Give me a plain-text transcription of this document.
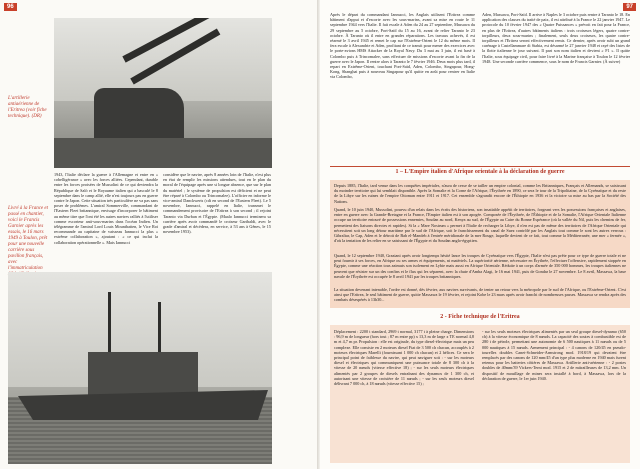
96
L'artillerie antiaérienne de l'Eritrea (voir fiche technique). (DR)
1943, l'Italie déclare la guerre à l'Allemagne et entre en « cobelligérance » avec les forces alliées. Cependant, durable entre les forces proisées de Mussolini de ce qui deviendra la République de Salò et le Royaume italien qui a basculé le 8 septembre dans le camp allié, elle n'est toujours pas en guerre contre le Japon. Cette situation très particulière ne va pas sans poser de problèmes. L'amiral Sommerville, commandant de l'Eastern Fleet britannique, envisage d'incorporer le bâtiment au même titre que l'ont été les autres navires ralliés à l'utiliser comme escorteur anti-sous-marins dans l'océan Indien. Un télégramme de l'amiral Lord Louis Mountbatten, le Vice Roi recommande au capitaine de vaisseau Iannucci la plus « extrême collaboration », ajoutant : « ce qui inclut la collaboration opérationnelle ». Mais Iannucci
considère que le navire, après 8 années loin de l'Italie, n'est plus en état de remplir les missions attendues, tout en le plan du moral de l'équipage après une si longue absence, que sur le plan du matériel ; le système de propulsion est déficient et ne peut être réparé à Colombo ou Trincomalee). L'officier en informe le vice-amiral Danckwerts (cdt en second de l'Eastern Fleet). Le 5 novembre, Iannucci, rappelé en Italie, transmet le commandement provisoire de l'Eritrea à son second ; il rejoint Taranto via Durban et l'Égypte. (Maalo Iannucci terminera sa carrière après avoir commandé le croiseur Garibaldi, avec le grade d'amiral et décèdera, en service, à 53 ans à Gênes, le 15 novembre 1953).
Livré à la France et passé en chantier, voici le Francis Garnier après les essais, le 16 mars 1949 à Toulon, prêt pour une nouvelle carrière sous pavillon français, avec l'immatriculation
97
Après le départ du commandant Iannucci, les Anglais utilisent l'Eritrea comme bâtiment d'appui et d'escorte avec les sous-marins, avant sa mise en route le 11 septembre 1944 vers l'Italie. Il fait escale à Aden du 24 au 27 septembre, Massawa du 29 septembre au 5 octobre, Port-Saïd du 15 au 16, avant de relier Taranto le 23 octobre. À Taranto où il entre en grandes réparations. Les travaux achevés, il est réarmé le 3 avril 1945 et remet le cap sur l'Extrême-Orient le 12 du même mois. Il fera escale à Alexandrie et Aden, profitant de ce transit pour mener des exercices avec le porte-avions HMS Attacker de la Royal Navy. Du 3 mai au 3 juin, il est basé à Colombo puis à Trincomalee, sans effectuer de missions d'escorte avant la fin de la guerre avec le Japon. Il rentre alors à Taranto le 7 février 1946. Deux mois plus tard, il repart en Extrême-Orient, touchant Port-Saïd, Aden, Colombo, Singapour, Hong-Kong, Shanghai puis à nouveau Singapour qu'il quitte en août pour rentrer en Italie via Colombo,
Aden, Massawa, Port-Saïd. Il arrive à Naples le 3 octobre puis rentre à Taranto le 18. En application des clauses du traité de paix, il est attribué à la France le 22 janvier 1947. Le protocole du 10 février 1947 des « Quatre Puissances » prévoit en fait pour la France, en plus de l'Eritrea, d'autres bâtiments italiens : trois croiseurs légers, quatre contre-torpilleurs, deux sous-marins ; finalement, seuls deux croiseurs, les quatre contre-torpilleurs et l'Eritrea seront effectivement remis. Ce dernier, après avoir subi un grand carénage à Castellammare di Stabia, est désarmé le 27 janvier 1948 et rayé des listes de la flotte italienne le jour suivant. Il part son nom italien et devient « F1 ». Il quitte l'Italie, sous équipage civil, pour faire livré à la Marine française à Toulon le 12 février 1948. Une seconde carrière commence, sous le nom de Francis Garnier. (À suivre)
1 – L'Empire italien d'Afrique orientale à la déclaration de guerre
Depuis 1885, l'Italie, tard venue dans les conquêtes impériales, n'aura de cesse de se tailler un empire colonial, comme les Britanniques, Français et Allemands, se saisissant du moindre territoire qui lui semblait disponible. Après la Somalie et la Corne de l'Afrique, l'Érythrée en 1890, ce sera le tour de la Tripolitaine, de la Cyrénaïque et du reste de la Libye sur les ruines de l'empire Ottoman entre 1911 et 1917. Cet ensemble s'agrandit encore de l'Éthiopie en 1936 et la victoire sa mise au bas par la Société des Nations.
Quand, le 10 juin 1940, Mussolini, pourvu d'un relais dans les écrits des historiens, son insatiable appétit de territoires, forgeant vers les possessions françaises et anglaises, entre en guerre avec la Grande-Bretagne et la France, l'Empire italien est à son apogée. Composée de l'Érythrée, de l'Éthiopie et de la Somalie, l'Afrique Orientale Italienne occupe un territoire entouré de possessions ennemies, Soudan au nord, Kenya au sud, de l'Égypte au Caire du Bonne Espérance (où la vallée du Nil, puis les chemins de fer, permettent des liaisons directes et rapides). Si la « Mare Nostrum » permet à l'Italie de recharger la Libye, il n'en est pas de même des territoires de l'Afrique Orientale qui nécessitent soit un long détour maritime par le sud de l'Afrique, soit le franchissement du canal de Suez contrôlé par les Anglais tout comme le sont les autres verrous : Gibraltar, le Cap, Aden et le détroit de Bab el-Mandeb à l'entrée méridionale de la mer Rouge, laquelle devient de ce fait, tout comme la Méditerranée, une mer « fermée », d'où la tentation de les relier en se saisissant de l'Égypte et du Soudan anglo-égyptien.
Quand, le 12 septembre 1940, Graziani après avoir longtemps hésité lance les troupes de Cyrénaïque vers l'Égypte, l'Italie n'est pas prête pour ce type de guerre totale et ne peut fournir à ses forces, en Afrique ou ses armes et équipements, ni matériels. La supériorité aérienne, nécessaire en Érythrée, l'effectuer l'offensive, rapidement stoppée en Égypte, comme une réaction tous azimuts son isolement en Lybie mais aussi en Afrique Orientale. Réduite à un corps d'armée de 350 000 hommes, les troupes italiennes ne peuvent que résister sur un des confins et le flux qui les séparent, avec la chute d'Amba Alagi, le 16 mai 1941, puis de Gondar le 27 novembre. Le 8 avril, Massawa, la base navale de l'Érythrée est occupée le 8 avril 1941 par les troupes britanniques.
La situation devenant intenable, l'ordre est donné, dès février, aux navires survivants, de tenter un retour vers la métropole par le sud de l'Afrique, ou l'Extrême-Orient. C'est ainsi que l'Eritrea, le seul bâtiment de guerre, quitte Massawa le 19 février, et rejoint Kobe le 23 mars après avoir franchi de nombreuses passes. Massawa se rendra après des combats désespérés à 13h30...
2 - Fiche technique de l'Eritrea
Déplacement : 2200 t standard, 2969 t normal, 3177 t à pleine charge. Dimensions : 96,9 m de longueur (hors tout ; 87 m entre pp) x 13,3 m de large x TE normal 4,8 m et 4,7 m pr. Propulsion : elle est originale, du type diesel-électrique mais un peu complexe. Elle consiste en 2 moteurs diesel Fiat de 3 500 ch chacun, accouplés à 2 moteurs électriques Marelli (fournissant 1 000 ch chacun) et 2 hélices. Ce sera le principal point de faiblesse du navire, qui peut naviguer soit : - sur les moteurs diesel et électriques qui communiquent une puissance totale de 8 300 ch à la vitesse de 20 nœuds (vitesse effective 18) ; - sur les seuls moteurs électriques alimentés par 2 groupes de diesels entraînant des dynamos de 1 300 ch, et autorisant une vitesse de croisière de 11 nœuds ; - sur les seuls moteurs diesel délivrant 7 000 ch, à 18 nœuds (vitesse effective 15) ;
- sur les seuls moteurs électriques alimentés par un seul groupe diesel-dynamo (650 ch) à la vitesse économique de 8 nœuds. La capacité des soutes à combustible est de 280 t de pétrole, permettant une autonomie de 6 500 nautiques à 11 nœuds ou de 5 000 nautiques à 15 nœuds. Armement principal : - 4 canons de 120/45 en pseudo-tourelles doubles Canet-Schneider-Armstrong mod. 1918/19 qui devaient être remplacés par des canons de 120 mm/45 d'un type plus moderne en 1940 mais furent retenus pour les batteries côtières de Massawa. Artillerie anti-aérienne : - 2 postes doubles de 40mm/39 Vickers-Terni mod. 1915 et 2 de mitrailleuses de 13,2 mm. Un dispositif de mouillage de mines sera installé à bord, à Massawa, lors de la déclaration de guerre, le 1er juin 1940.
